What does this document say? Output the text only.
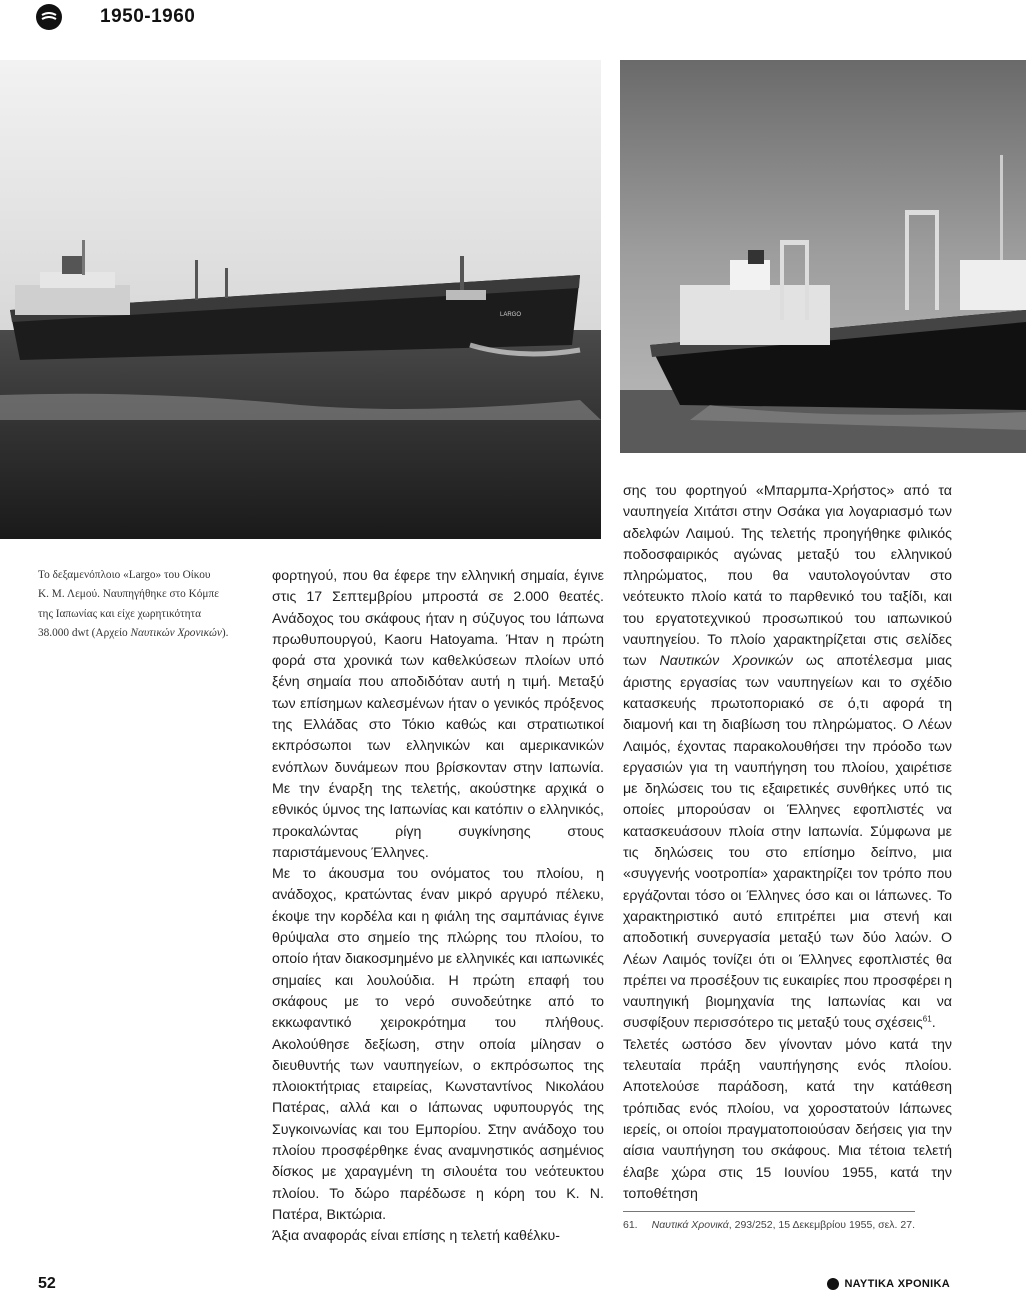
1950-1960
LARGO
Το δεξαμενόπλοιο «Largo» του Οίκου
Κ. Μ. Λεμού. Ναυπηγήθηκε στο Κόμπε
της Ιαπωνίας και είχε χωρητικότητα
38.000 dwt (Αρχείο Ναυτικών Χρονικών).

φορτηγού, που θα έφερε την ελληνική σημαία, έγινε στις 17 Σεπτεμβρίου μπροστά σε 2.000 θεατές. Ανάδοχος του σκάφους ήταν η σύζυγος του Ιάπωνα πρωθυπουργού, Kaoru Hatoyama. Ήταν η πρώτη φορά στα χρονικά των καθελκύσεων πλοίων υπό ξένη σημαία που αποδιδόταν αυτή η τιμή. Μεταξύ των επίσημων καλεσμένων ήταν ο γενικός πρόξενος της Ελλάδας στο Τόκιο καθώς και στρατιωτικοί εκπρόσωποι των ελληνικών και αμερικανικών ενόπλων δυνάμεων που βρίσκονταν στην Ιαπωνία. Με την έναρξη της τελετής, ακούστηκε αρχικά ο εθνικός ύμνος της Ιαπωνίας και κατόπιν ο ελληνικός, προκαλώντας ρίγη συγκίνησης στους παριστάμενους Έλληνες.

Με το άκουσμα του ονόματος του πλοίου, η ανάδοχος, κρατώντας έναν μικρό αργυρό πέλεκυ, έκοψε την κορδέλα και η φιάλη της σαμπάνιας έγινε θρύψαλα στο σημείο της πλώρης του πλοίου, το οποίο ήταν διακοσμημένο με ελληνικές και ιαπωνικές σημαίες και λουλούδια. Η πρώτη επαφή του σκάφους με το νερό συνοδεύτηκε από το εκκωφαντικό χειροκρότημα του πλήθους. Ακολούθησε δεξίωση, στην οποία μίλησαν ο διευθυντής των ναυπηγείων, ο εκπρόσωπος της πλοιοκτήτριας εταιρείας, Κωνσταντίνος Νικολάου Πατέρας, αλλά και ο Ιάπωνας υφυπουργός της Συγκοινωνίας και του Εμπορίου. Στην ανάδοχο του πλοίου προσφέρθηκε ένας αναμνηστικός ασημένιος δίσκος με χαραγμένη τη σιλουέτα του νεότευκτου πλοίου. Το δώρο παρέδωσε η κόρη του Κ. Ν. Πατέρα, Βικτώρια.

Άξια αναφοράς είναι επίσης η τελετή καθέλκυ-

σης του φορτηγού «Μπαρμπα-Χρήστος» από τα ναυπηγεία Χιτάτσι στην Οσάκα για λογαριασμό των αδελφών Λαιμού. Της τελετής προηγήθηκε φιλικός ποδοσφαιρικός αγώνας μεταξύ του ελληνικού πληρώματος, που θα ναυτολογούνταν στο νεότευκτο πλοίο κατά το παρθενικό του ταξίδι, και του εργατοτεχνικού προσωπικού του ιαπωνικού ναυπηγείου. Το πλοίο χαρακτηρίζεται στις σελίδες των Ναυτικών Χρονικών ως αποτέλεσμα μιας άριστης εργασίας των ναυπηγείων και το σχέδιο κατασκευής πρωτοποριακό σε ό,τι αφορά τη διαμονή και τη διαβίωση του πληρώματος. Ο Λέων Λαιμός, έχοντας παρακολουθήσει την πρόοδο των εργασιών για τη ναυπήγηση του πλοίου, χαιρέτισε με δηλώσεις του τις εξαιρετικές συνθήκες υπό τις οποίες μπορούσαν οι Έλληνες εφοπλιστές να κατασκευάσουν πλοία στην Ιαπωνία. Σύμφωνα με τις δηλώσεις του στο επίσημο δείπνο, μια «συγγενής νοοτροπία» χαρακτηρίζει τον τρόπο που εργάζονται τόσο οι Έλληνες όσο και οι Ιάπωνες. Το χαρακτηριστικό αυτό επιτρέπει μια στενή και αποδοτική συνεργασία μεταξύ των δύο λαών. Ο Λέων Λαιμός τονίζει ότι οι Έλληνες εφοπλιστές θα πρέπει να προσέξουν τις ευκαιρίες που προσφέρει η ναυπηγική βιομηχανία της Ιαπωνίας και να συσφίξουν περισσότερο τις μεταξύ τους σχέσεις$^{61}$.

Τελετές ωστόσο δεν γίνονταν μόνο κατά την τελευταία πράξη ναυπήγησης ενός πλοίου. Αποτελούσε παράδοση, κατά την κατάθεση τρόπιδας ενός πλοίου, να χοροστατούν Ιάπωνες ιερείς, οι οποίοι πραγματοποιούσαν δεήσεις για την αίσια ναυπήγηση του σκάφους. Μια τέτοια τελετή έλαβε χώρα στις 15 Ιουνίου 1955, κατά την τοποθέτηση

61. Ναυτικά Χρονικά, 293/252, 15 Δεκεμβρίου 1955, σελ. 27.
52	ΝΑΥΤΙΚΑ ΧΡΟΝΙΚΑ
